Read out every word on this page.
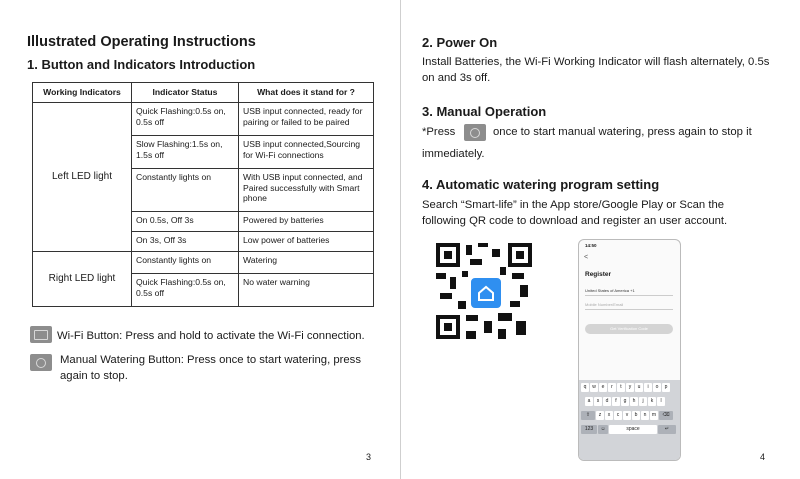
Illustrated Operating Instructions
1. Button and Indicators Introduction
Working Indicators	Indicator Status	What does it stand for ?
Left LED light	Quick Flashing:0.5s on, 0.5s off	USB input connected, ready for pairing or failed to be paired
	Slow Flashing:1.5s on, 1.5s off	USB input connected,Sourcing for Wi-Fi connections
	Constantly lights on	With USB input connected, and Paired successfully with Smart phone
	On 0.5s, Off 3s	Powered by batteries
	On 3s, Off 3s	Low power of batteries
Right LED light	Constantly lights on	Watering
	Quick Flashing:0.5s on, 0.5s off	No water warning
Wi-Fi Button: Press and hold to activate the Wi-Fi connection.
Manual Watering Button: Press once to start watering, press again to stop.
3
2. Power On
Install Batteries, the Wi-Fi Working Indicator will flash alternately, 0.5s on and 3s off.
3. Manual Operation
*Press	once to start manual watering, press again to stop it
immediately.
4. Automatic watering program setting
Search “Smart-life” in the App store/Google Play or Scan the
following QR code to download and register an user account.
14:50
<
Register
United States of America +1
Mobile Number/Email
Get Verification Code
q	w	e	r	t	y	u	i	o	p
a	s	d	f	g	h	j	k	l
⇧	z	x	c	v	b	n	m	⌫
123	☺	space	↵
4
